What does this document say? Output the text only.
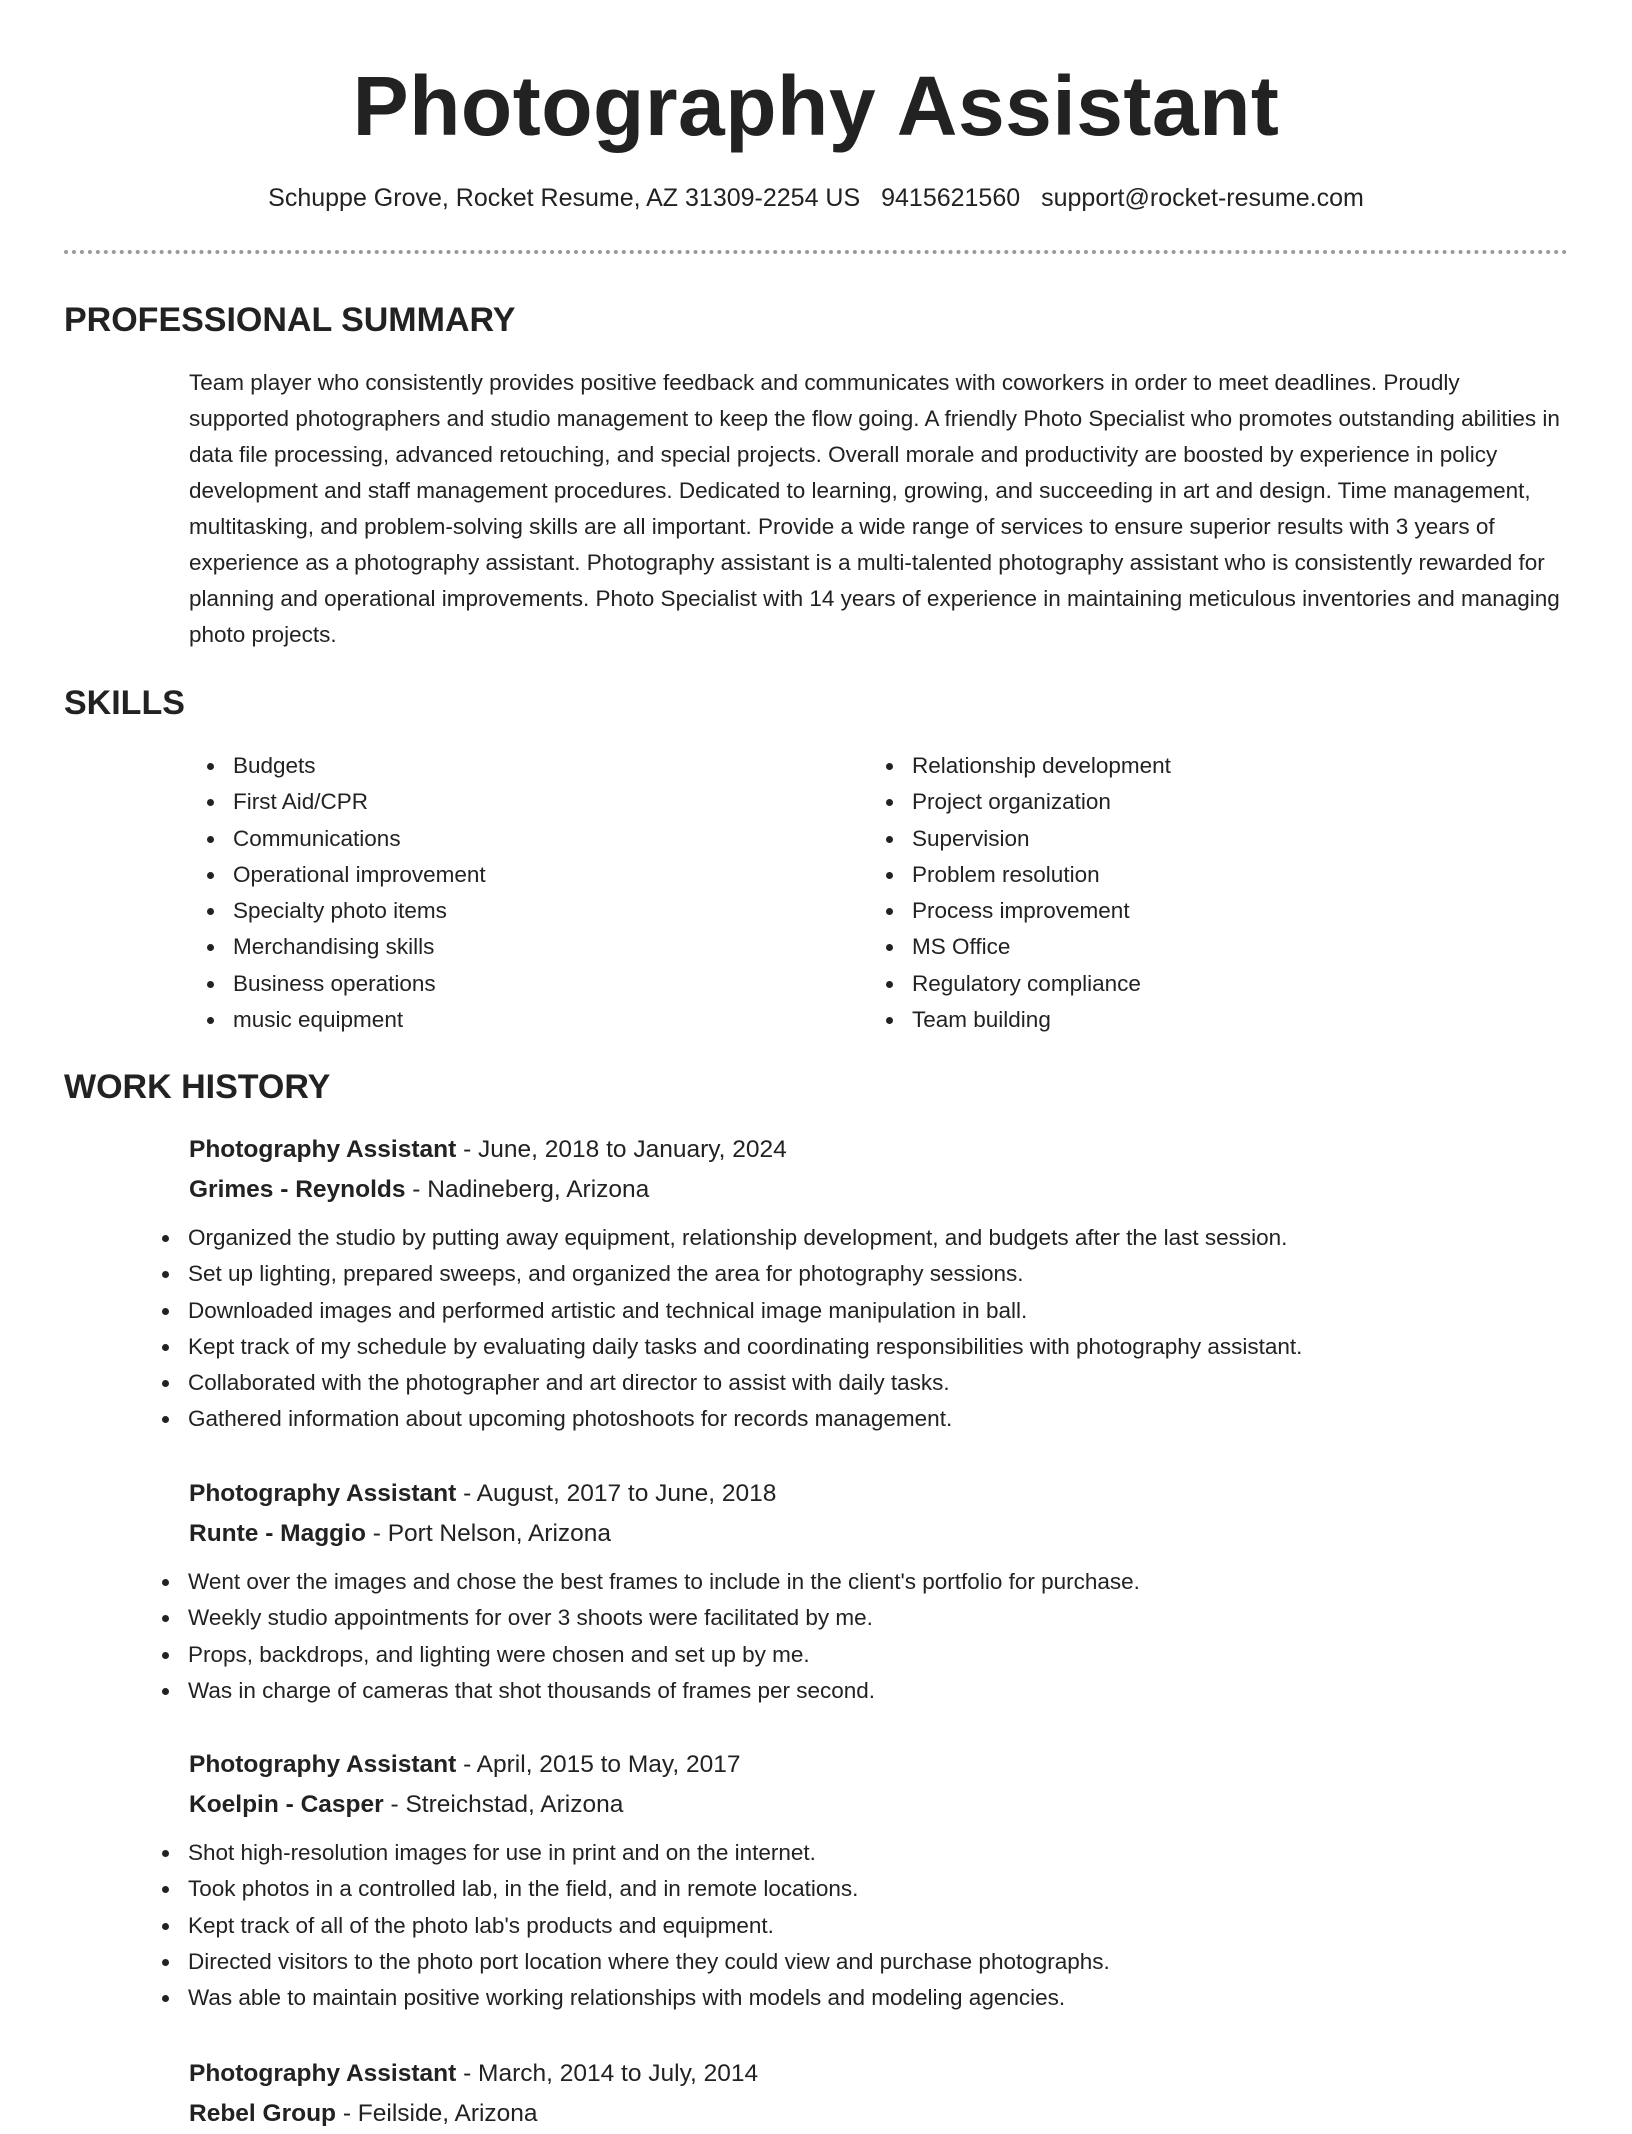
Photography Assistant
Schuppe Grove, Rocket Resume, AZ 31309-2254 US 9415621560 support@rocket-resume.com
PROFESSIONAL SUMMARY

Team player who consistently provides positive feedback and communicates with coworkers in order to meet deadlines. Proudly supported photographers and studio management to keep the flow going. A friendly Photo Specialist who promotes outstanding abilities in data file processing, advanced retouching, and special projects. Overall morale and productivity are boosted by experience in policy development and staff management procedures. Dedicated to learning, growing, and succeeding in art and design. Time management, multitasking, and problem-solving skills are all important. Provide a wide range of services to ensure superior results with 3 years of experience as a photography assistant. Photography assistant is a multi-talented photography assistant who is consistently rewarded for planning and operational improvements. Photo Specialist with 14 years of experience in maintaining meticulous inventories and managing photo projects.

SKILLS
Budgets
First Aid/CPR
Communications
Operational improvement
Specialty photo items
Merchandising skills
Business operations
music equipment
Relationship development
Project organization
Supervision
Problem resolution
Process improvement
MS Office
Regulatory compliance
Team building
WORK HISTORY
Photography Assistant - June, 2018 to January, 2024
Grimes - Reynolds - Nadineberg, Arizona
Organized the studio by putting away equipment, relationship development, and budgets after the last session.
Set up lighting, prepared sweeps, and organized the area for photography sessions.
Downloaded images and performed artistic and technical image manipulation in ball.
Kept track of my schedule by evaluating daily tasks and coordinating responsibilities with photography assistant.
Collaborated with the photographer and art director to assist with daily tasks.
Gathered information about upcoming photoshoots for records management.
Photography Assistant - August, 2017 to June, 2018
Runte - Maggio - Port Nelson, Arizona
Went over the images and chose the best frames to include in the client's portfolio for purchase.
Weekly studio appointments for over 3 shoots were facilitated by me.
Props, backdrops, and lighting were chosen and set up by me.
Was in charge of cameras that shot thousands of frames per second.
Photography Assistant - April, 2015 to May, 2017
Koelpin - Casper - Streichstad, Arizona
Shot high-resolution images for use in print and on the internet.
Took photos in a controlled lab, in the field, and in remote locations.
Kept track of all of the photo lab's products and equipment.
Directed visitors to the photo port location where they could view and purchase photographs.
Was able to maintain positive working relationships with models and modeling agencies.
Photography Assistant - March, 2014 to July, 2014
Rebel Group - Feilside, Arizona
